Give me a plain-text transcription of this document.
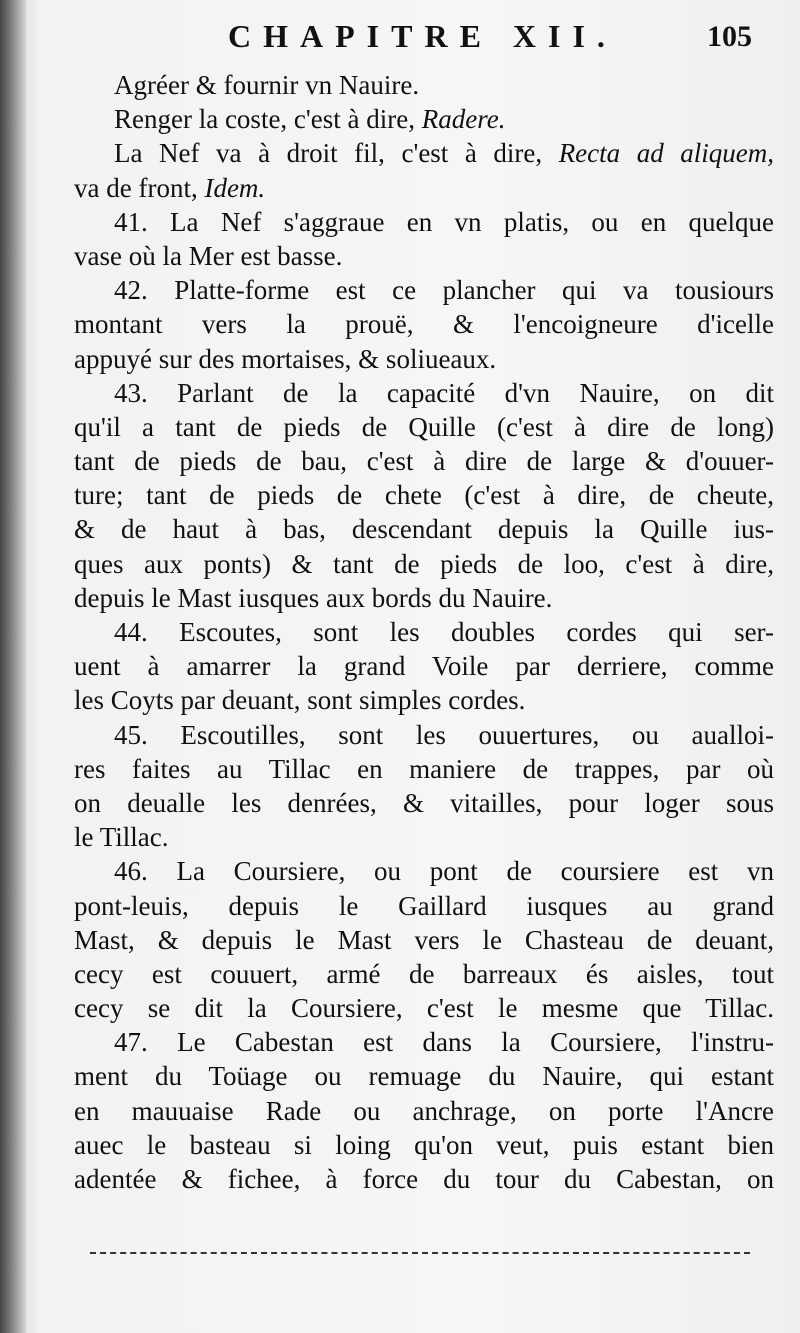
CHAPITRE XII.	105
Agréer & fournir vn Nauire.
Renger la coste, c'est à dire, Radere.
La Nef va à droit fil, c'est à dire, Recta ad aliquem,
va de front, Idem.
41. La Nef s'aggraue en vn platis, ou en quelque
vase où la Mer est basse.
42. Platte-forme est ce plancher qui va tousiours
montant vers la prouë, & l'encoigneure d'icelle
appuyé sur des mortaises, & soliueaux.
43. Parlant de la capacité d'vn Nauire, on dit
qu'il a tant de pieds de Quille (c'est à dire de long)
tant de pieds de bau, c'est à dire de large & d'ouuer-
ture; tant de pieds de chete (c'est à dire, de cheute,
& de haut à bas, descendant depuis la Quille ius-
ques aux ponts) & tant de pieds de loo, c'est à dire,
depuis le Mast iusques aux bords du Nauire.
44. Escoutes, sont les doubles cordes qui ser-
uent à amarrer la grand Voile par derriere, comme
les Coyts par deuant, sont simples cordes.
45. Escoutilles, sont les ouuertures, ou aualloi-
res faites au Tillac en maniere de trappes, par où
on deualle les denrées, & vitailles, pour loger sous
le Tillac.
46. La Coursiere, ou pont de coursiere est vn
pont-leuis, depuis le Gaillard iusques au grand
Mast, & depuis le Mast vers le Chasteau de deuant,
cecy est couuert, armé de barreaux és aisles, tout
cecy se dit la Coursiere, c'est le mesme que Tillac.
47. Le Cabestan est dans la Coursiere, l'instru-
ment du Toüage ou remuage du Nauire, qui estant
en mauuaise Rade ou anchrage, on porte l'Ancre
auec le basteau si loing qu'on veut, puis estant bien
adentée & fichee, à force du tour du Cabestan, on
